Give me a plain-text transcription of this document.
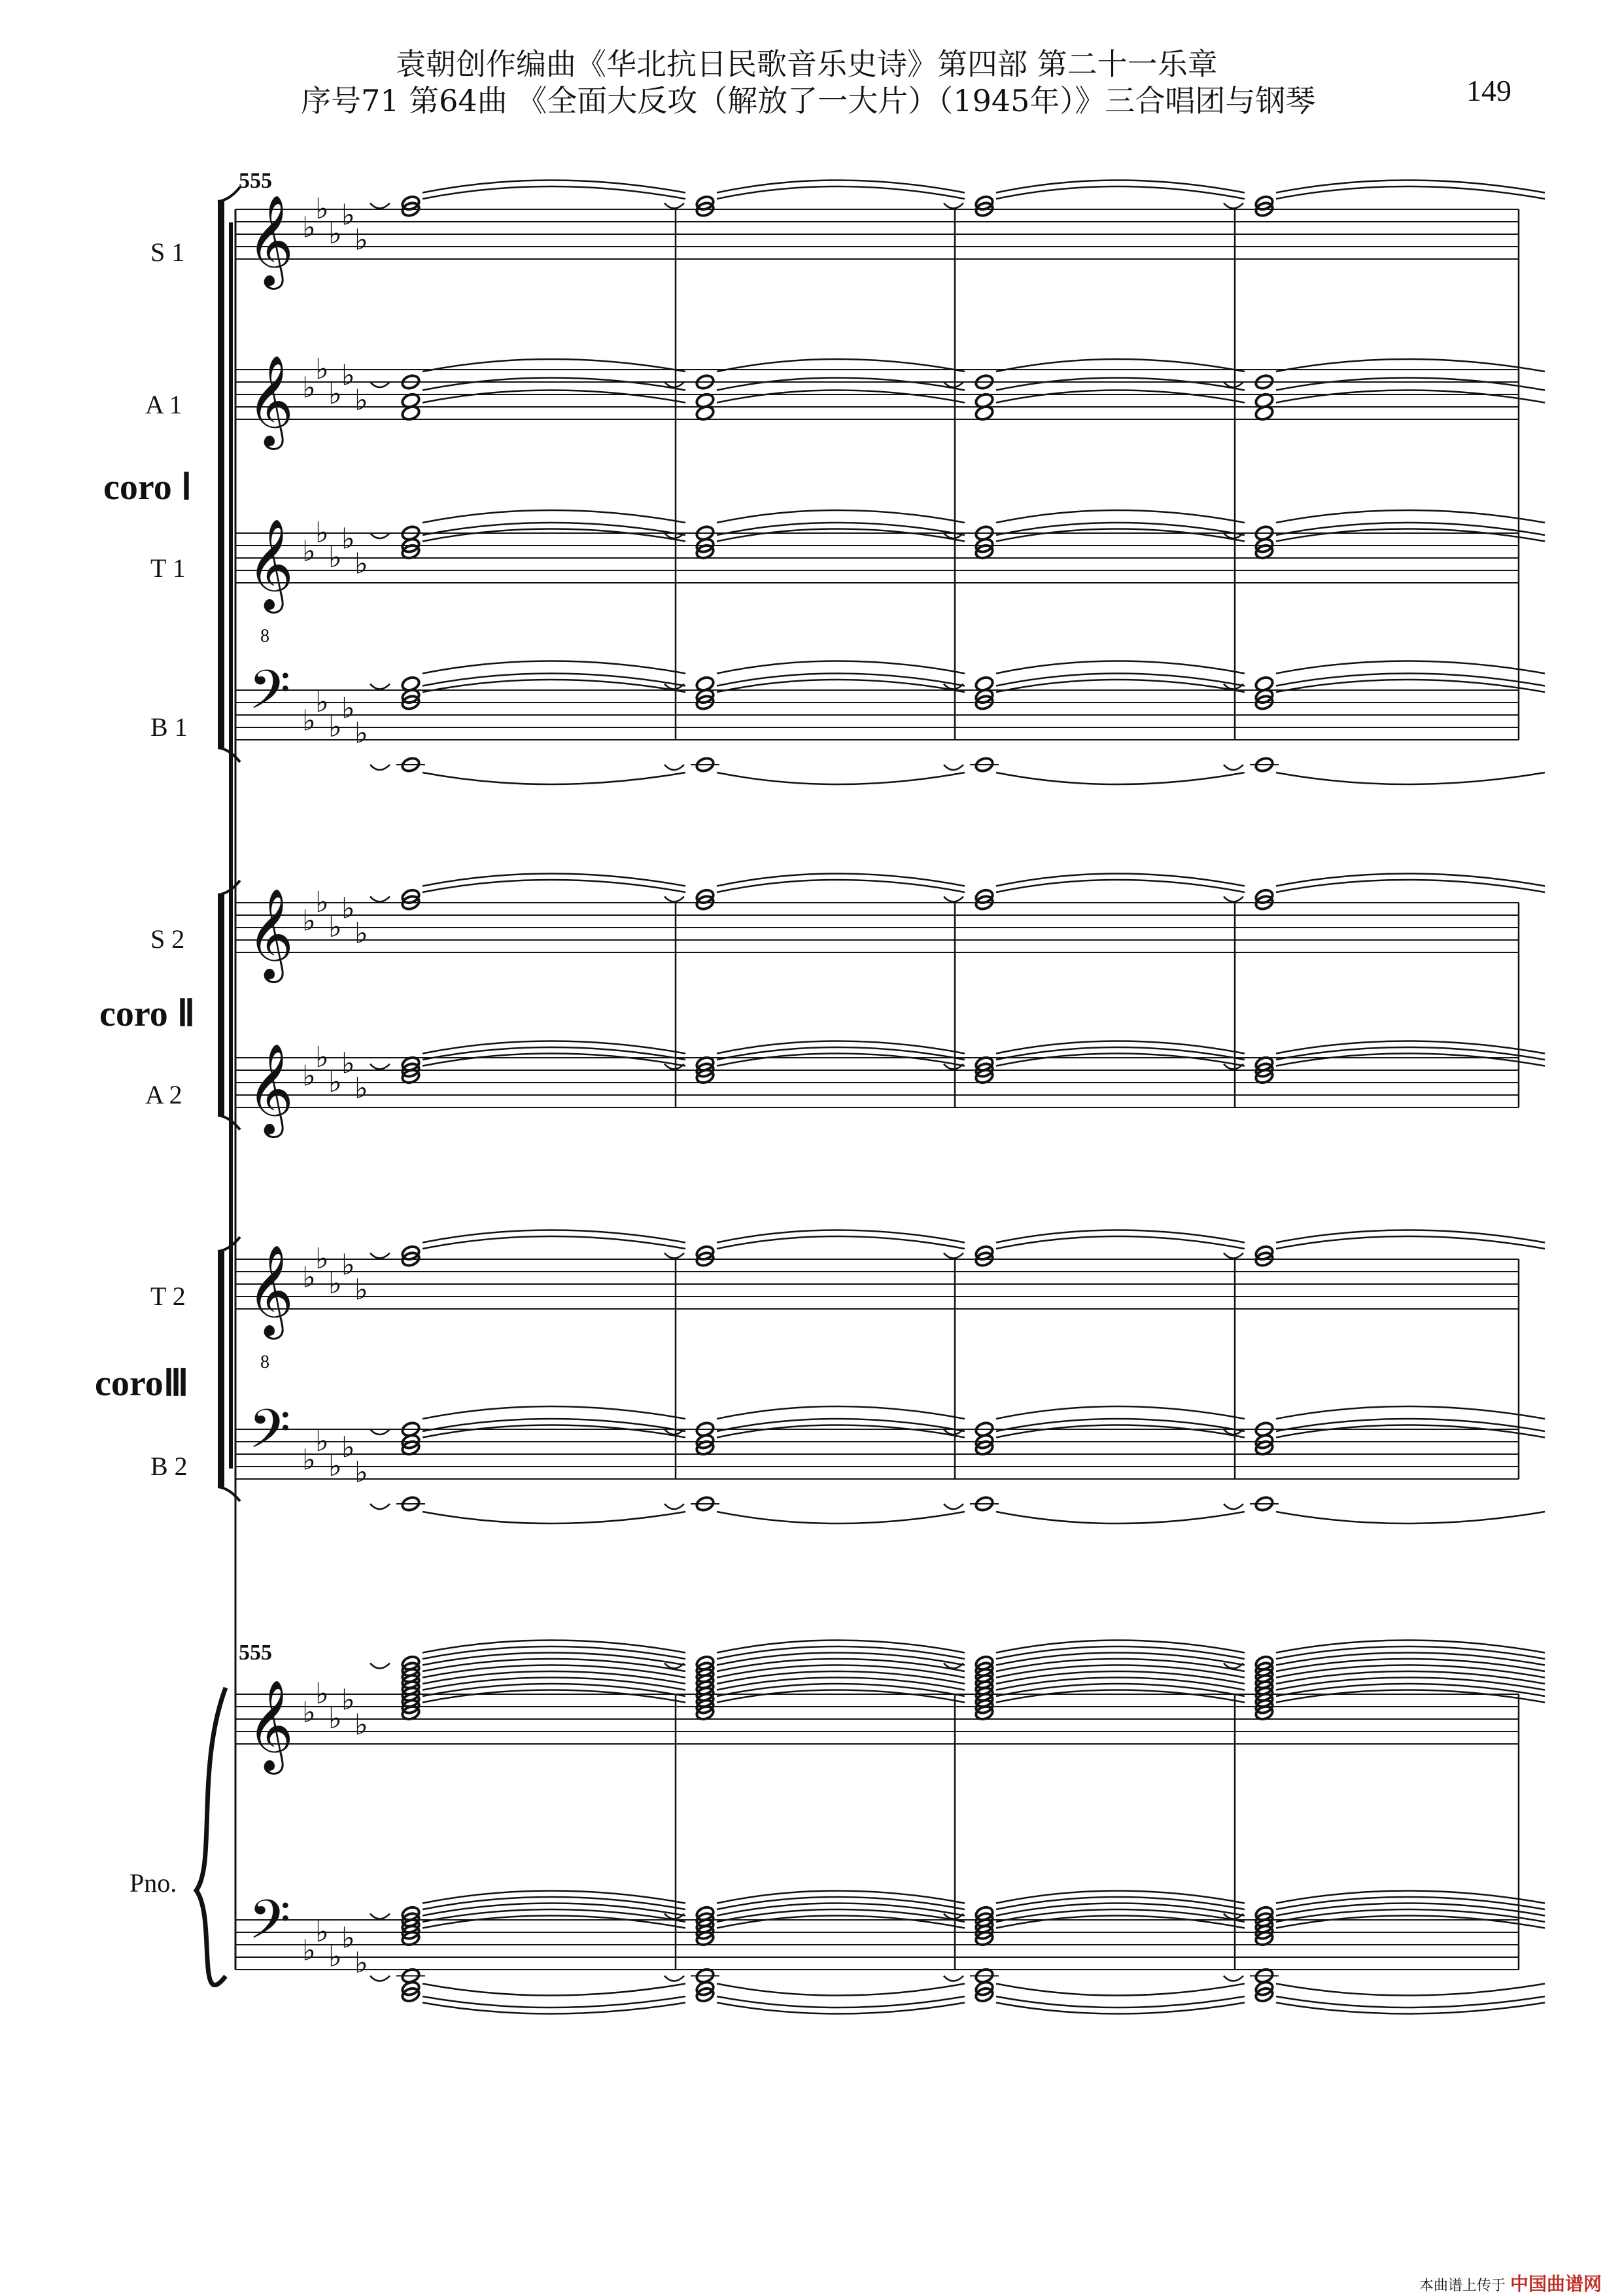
袁朝创作编曲《华北抗日民歌音乐史诗》第四部 第二十一乐章
序号71 第64曲 《全面大反攻（解放了一大片）（1945年）》三合唱团与钢琴	149
555
555
S 1
A 1
T 1
B 1
S 2
A 2
T 2
B 2
coro Ⅰ
coro Ⅱ
coroⅢ
Pno.
𝄞 ♭
♭
♭
♭
♭
𝄞 ♭
♭
♭
♭
♭
𝄞
8
♭
♭
♭
♭
♭
𝄢 ♭
♭
♭
♭
♭
𝄞 ♭
♭
♭
♭
♭
𝄞 ♭
♭
♭
♭
♭
𝄞
8
♭
♭
♭
♭
♭
𝄢 ♭
♭
♭
♭
♭
𝄞 ♭
♭
♭
♭
♭
𝄢 ♭
♭
♭
♭
♭
本曲谱上传于 中国曲谱网
